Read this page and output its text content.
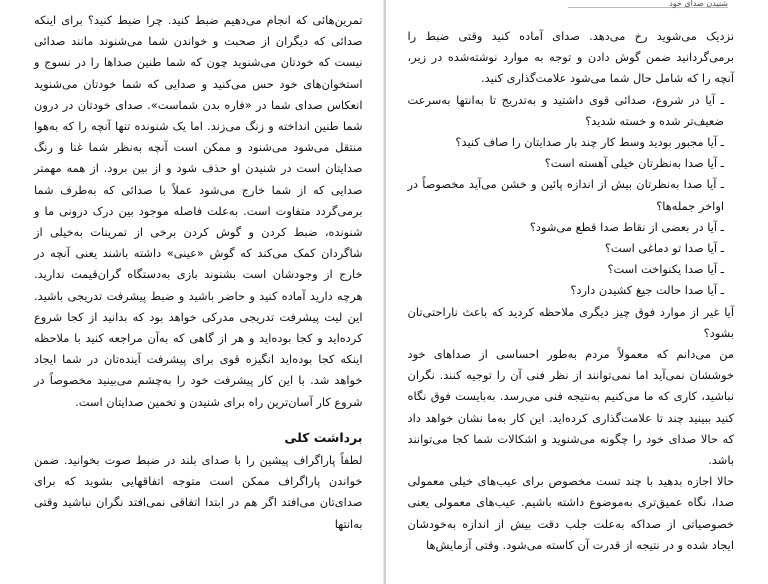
تمرین‌هائی که انجام می‌دهیم ضبط کنید. چرا ضبط کنید؟ برای اینکه صدائی که دیگران از صحبت و خواندن شما می‌شنوند مانند صدائی نیست که خودتان می‌شنوید چون که شما طنین صداها را در نسوج و استخوان‌های خود حس می‌کنید و صدایی که شما خودتان می‌شنوید انعکاس صدای شما در «فاره بدن شماست». صدای خودتان در درون شما طنین انداخته و زنگ می‌زند. اما یک شنونده تنها آنچه را که به‌هوا منتقل می‌شود می‌شنود و ممکن است آنچه به‌نظر شما غنا و رنگ صدایتان است در شنیدن او حذف شود و از بین برود. از همه مهمتر صدایی که از شما خارج می‌شود عملاً با صدائی که به‌طرف شما برمی‌گردد متفاوت است. به‌علت فاصله موجود بین درک درونی ما و شنونده، ضبط کردن و گوش کردن برخی از تمرینات به‌خیلی از شاگردان کمک می‌کند که گوش «عینی» داشته باشند یعنی آنچه در خارج از وجودشان است بشنوند بازی به‌دستگاه گران‌قیمت ندارید. هرچه دارید آماده کنید و حاضر باشید و ضبط پیشرفت تدریجی باشید. این لیت پیشرفت تدریجی مدرکی خواهد بود که بدانید از کجا شروع کرده‌اید و کجا بوده‌اید و هر از گاهی که به‌آن مراجعه کنید با ملاحظه اینکه کجا بوده‌اید انگیزه قوی برای پیشرفت آینده‌تان در شما ایجاد خواهد شد. با این کار پیشرفت خود را به‌چشم می‌بینید مخصوصاً در شروع کار آسان‌ترین راه برای شنیدن و تخمین صدایتان است.

برداشت کلی

لطفاً پاراگراف پیشین را با صدای بلند در ضبط صوت بخوانید. ضمن خواندن پاراگراف ممکن است متوجه اتفاقهایی بشوید که برای صدای‌تان می‌افتد اگر هم در ابتدا اتفاقی نمی‌افتد نگران نباشید وقتی به‌انتها

شنیدن صدای خود

نزدیک می‌شوید رخ می‌دهد. صدای آماده کنید وقتی ضبط را برمی‌گردانید ضمن گوش دادن و توجه به موارد نوشته‌شده در زیر، آنچه را که شامل حال شما می‌شود علامت‌گذاری کنید.

ـ آیا در شروع، صدائی قوی داشتید و به‌تدریج تا به‌انتها به‌سرعت ضعیف‌تر شده و خسته شدید؟

ـ آیا مجبور بودید وسط کار چند بار صدایتان را صاف کنید؟

ـ آیا صدا به‌نظرتان خیلی آهسته است؟

ـ آیا صدا به‌نظرتان بیش از اندازه پائین و خشن می‌آید مخصوصاً در اواخر جمله‌ها؟

ـ آیا در بعضی از نقاط صدا قطع می‌شود؟

ـ آیا صدا تو دماغی است؟

ـ آیا صدا یکنواخت است؟

ـ آیا صدا حالت جیغ کشیدن دارد؟

آیا غیر از موارد فوق چیز دیگری ملاحظه کردید که باعث ناراحتی‌تان بشود؟

من می‌دانم که معمولاً مردم به‌طور احساسی از صداهای خود خوششان نمی‌آید اما نمی‌توانند از نظر فنی آن را توجیه کنند. نگران نباشید، کاری که ما می‌کنیم به‌نتیجه فنی می‌رسد. به‌بایست فوق نگاه کنید ببینید چند تا علامت‌گذاری کرده‌اید. این کار به‌ما نشان خواهد داد که حالا صدای خود را چگونه می‌شنوید و اشکالات شما کجا می‌توانند باشد.

حالا اجازه بدهید با چند تست مخصوص برای عیب‌های خیلی معمولی صدا، نگاه عمیق‌تری به‌موضوع داشته باشیم. عیب‌های معمولی یعنی خصوصیاتی از صداکه به‌علت جلب دقت بیش از اندازه به‌خودشان ایجاد شده و در نتیجه از قدرت آن کاسته می‌شود. وقتی آزمایش‌ها
